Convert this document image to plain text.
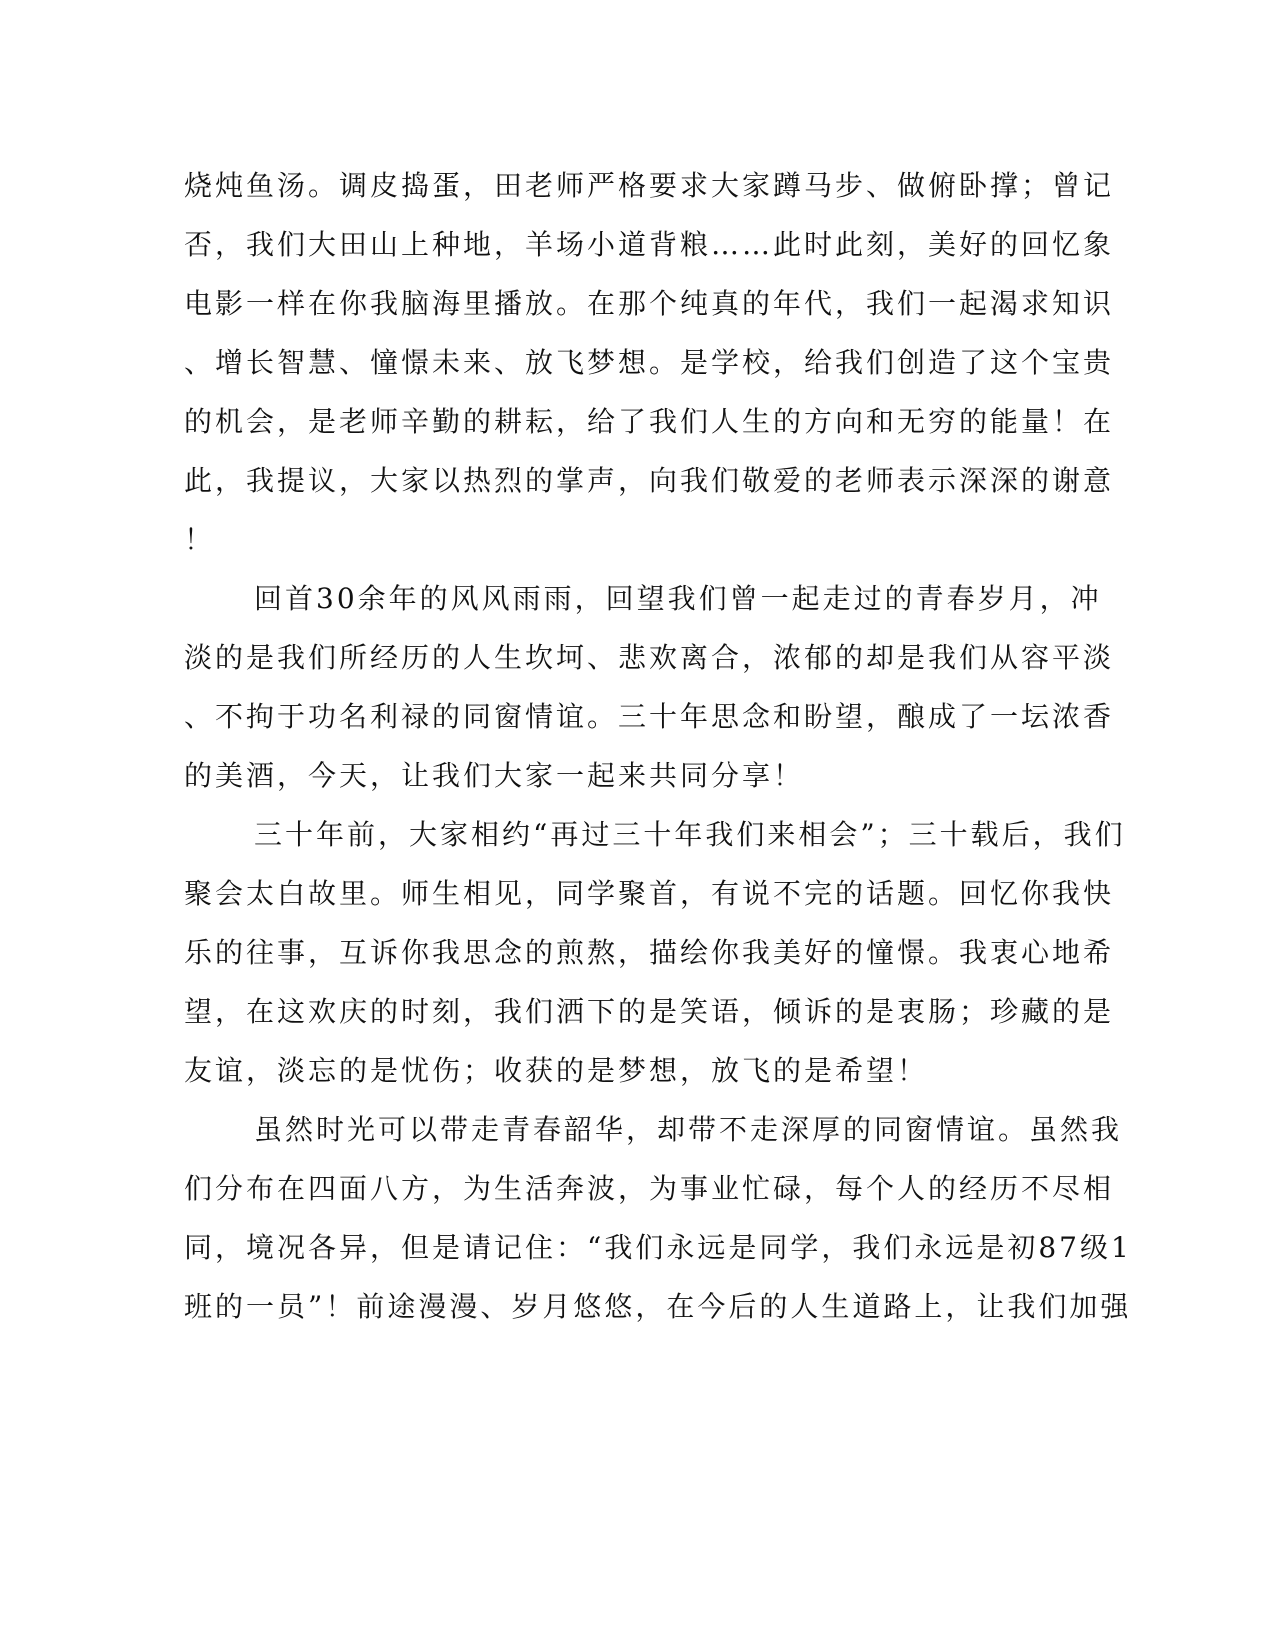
烧炖鱼汤。调皮捣蛋，田老师严格要求大家蹲马步、做俯卧撑；曾记
否，我们大田山上种地，羊场小道背粮……此时此刻，美好的回忆象
电影一样在你我脑海里播放。在那个纯真的年代，我们一起渴求知识
、增长智慧、憧憬未来、放飞梦想。是学校，给我们创造了这个宝贵
的机会，是老师辛勤的耕耘，给了我们人生的方向和无穷的能量！在
此，我提议，大家以热烈的掌声，向我们敬爱的老师表示深深的谢意
！
回首30余年的风风雨雨，回望我们曾一起走过的青春岁月，冲
淡的是我们所经历的人生坎坷、悲欢离合，浓郁的却是我们从容平淡
、不拘于功名利禄的同窗情谊。三十年思念和盼望，酿成了一坛浓香
的美酒，今天，让我们大家一起来共同分享！
三十年前，大家相约“再过三十年我们来相会”；三十载后，我们
聚会太白故里。师生相见，同学聚首，有说不完的话题。回忆你我快
乐的往事，互诉你我思念的煎熬，描绘你我美好的憧憬。我衷心地希
望，在这欢庆的时刻，我们洒下的是笑语，倾诉的是衷肠；珍藏的是
友谊，淡忘的是忧伤；收获的是梦想，放飞的是希望！
虽然时光可以带走青春韶华，却带不走深厚的同窗情谊。虽然我
们分布在四面八方，为生活奔波，为事业忙碌，每个人的经历不尽相
同，境况各异，但是请记住：“我们永远是同学，我们永远是初87级1
班的一员”！前途漫漫、岁月悠悠，在今后的人生道路上，让我们加强
